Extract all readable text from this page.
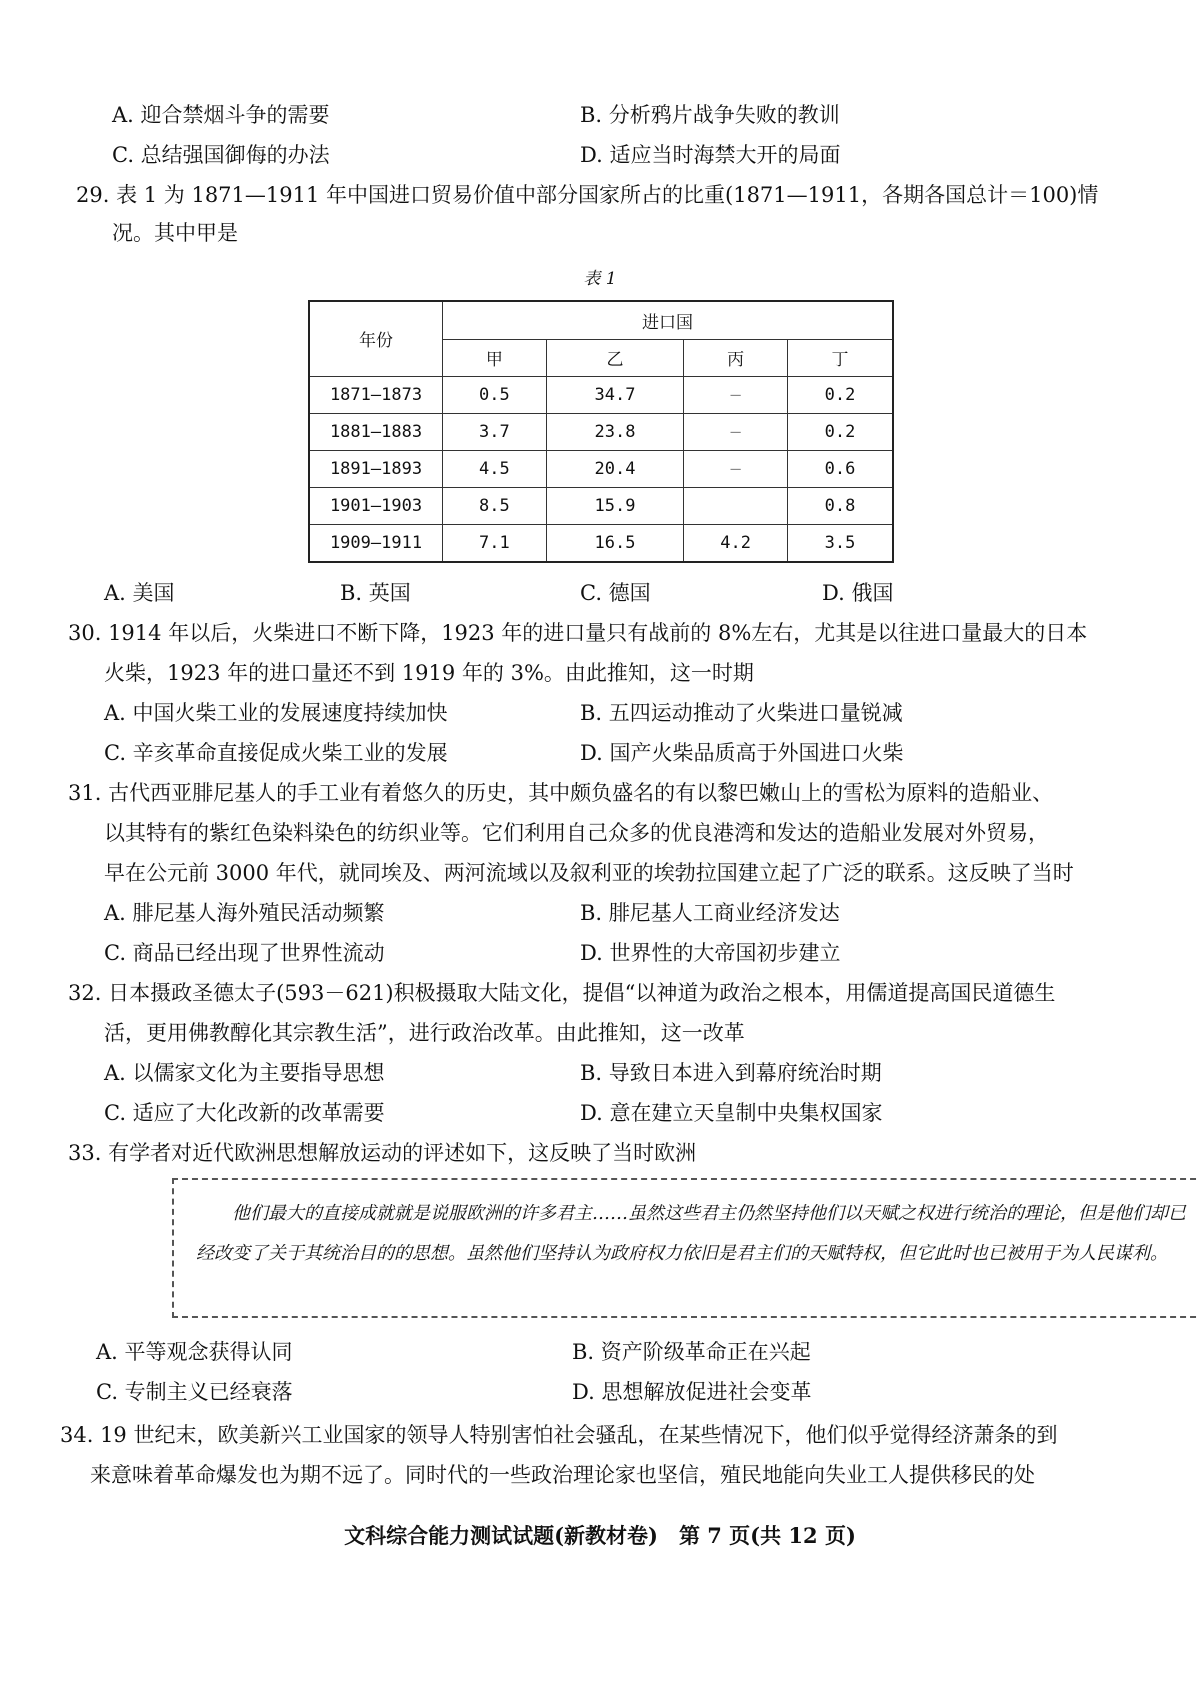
A. 迎合禁烟斗争的需要	B. 分析鸦片战争失败的教训
C. 总结强国御侮的办法	D. 适应当时海禁大开的局面
29. 表 1 为 1871—1911 年中国进口贸易价值中部分国家所占的比重(1871—1911，各期各国总计＝100)情
况。其中甲是
表 1
年份	进口国			
	甲	乙	丙	丁
1871—1873	0.5	34.7	—	0.2
1881—1883	3.7	23.8	—	0.2
1891—1893	4.5	20.4	—	0.6
1901—1903	8.5	15.9		0.8
1909—1911	7.1	16.5	4.2	3.5
A. 美国	B. 英国	C. 德国	D. 俄国
30. 1914 年以后，火柴进口不断下降，1923 年的进口量只有战前的 8%左右，尤其是以往进口量最大的日本
火柴，1923 年的进口量还不到 1919 年的 3%。由此推知，这一时期
A. 中国火柴工业的发展速度持续加快	B. 五四运动推动了火柴进口量锐减
C. 辛亥革命直接促成火柴工业的发展	D. 国产火柴品质高于外国进口火柴
31. 古代西亚腓尼基人的手工业有着悠久的历史，其中颇负盛名的有以黎巴嫩山上的雪松为原料的造船业、
以其特有的紫红色染料染色的纺织业等。它们利用自己众多的优良港湾和发达的造船业发展对外贸易，
早在公元前 3000 年代，就同埃及、两河流域以及叙利亚的埃勃拉国建立起了广泛的联系。这反映了当时
A. 腓尼基人海外殖民活动频繁	B. 腓尼基人工商业经济发达
C. 商品已经出现了世界性流动	D. 世界性的大帝国初步建立
32. 日本摄政圣德太子(593－621)积极摄取大陆文化，提倡“以神道为政治之根本，用儒道提高国民道德生
活，更用佛教醇化其宗教生活”，进行政治改革。由此推知，这一改革
A. 以儒家文化为主要指导思想	B. 导致日本进入到幕府统治时期
C. 适应了大化改新的改革需要	D. 意在建立天皇制中央集权国家
33. 有学者对近代欧洲思想解放运动的评述如下，这反映了当时欧洲

他们最大的直接成就就是说服欧洲的许多君主……虽然这些君主仍然坚持他们以天赋之权进行统治的理论，但是他们却已经改变了关于其统治目的的思想。虽然他们坚持认为政府权力依旧是君主们的天赋特权，但它此时也已被用于为人民谋利。

A. 平等观念获得认同	B. 资产阶级革命正在兴起
C. 专制主义已经衰落	D. 思想解放促进社会变革
34. 19 世纪末，欧美新兴工业国家的领导人特别害怕社会骚乱，在某些情况下，他们似乎觉得经济萧条的到
来意味着革命爆发也为期不远了。同时代的一些政治理论家也坚信，殖民地能向失业工人提供移民的处
文科综合能力测试试题(新教材卷)　第 7 页(共 12 页)
